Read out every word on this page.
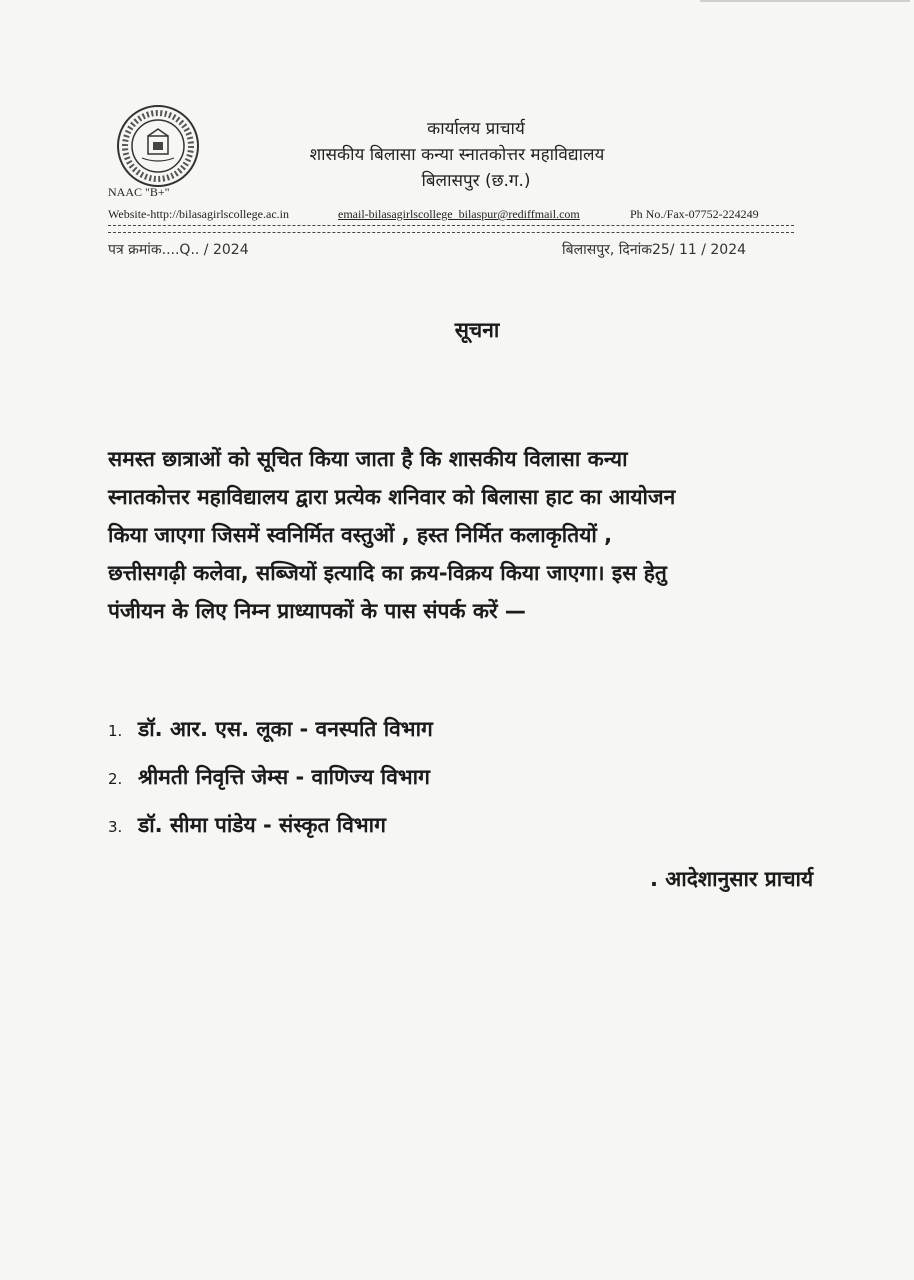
कार्यालय प्राचार्य
शासकीय बिलासा कन्या स्नातकोत्तर महाविद्यालय
बिलासपुर (छ.ग.)
NAAC "B+"
Website-http://bilasagirlscollege.ac.in	email-bilasagirlscollege_bilaspur@rediffmail.com	Ph No./Fax-07752-224249
पत्र क्रमांक....Q.. / 2024	बिलासपुर, दिनांक25/ 11 / 2024
सूचना
समस्त छात्राओं को सूचित किया जाता है कि शासकीय विलासा कन्या
स्नातकोत्तर महाविद्यालय द्वारा प्रत्येक शनिवार को बिलासा हाट का आयोजन
किया जाएगा जिसमें स्वनिर्मित वस्तुओं , हस्त निर्मित कलाकृतियों ,
छत्तीसगढ़ी कलेवा, सब्जियों इत्यादि का क्रय-विक्रय किया जाएगा। इस हेतु
पंजीयन के लिए निम्न प्राध्यापकों के पास संपर्क करें —
1. डॉ. आर. एस. लूका - वनस्पति विभाग
2. श्रीमती निवृत्ति जेम्स - वाणिज्य विभाग
3. डॉ. सीमा पांडेय - संस्कृत विभाग
. आदेशानुसार प्राचार्य
